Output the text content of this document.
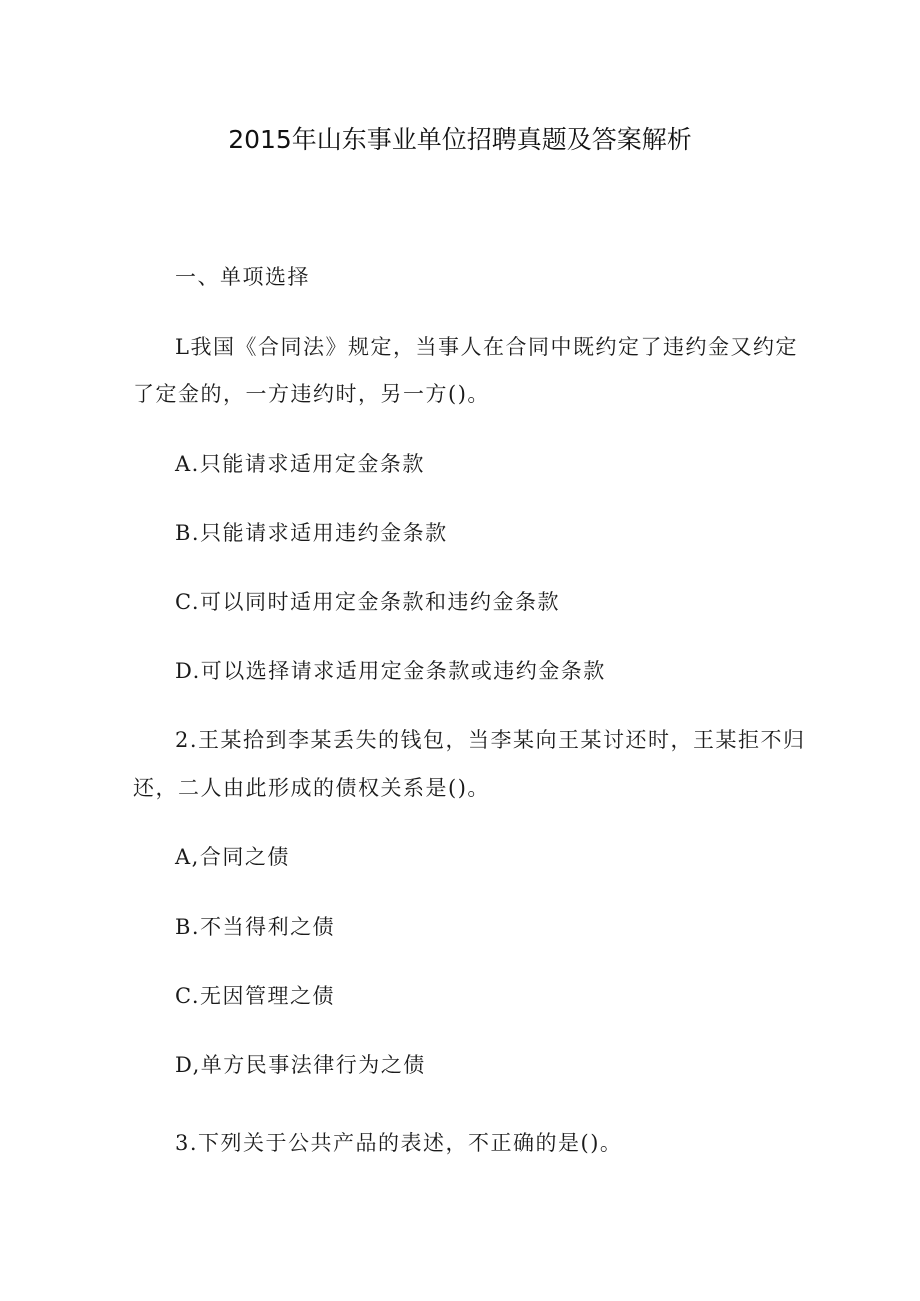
2015年山东事业单位招聘真题及答案解析
一、单项选择
L我国《合同法》规定，当事人在合同中既约定了违约金又约定
了定金的，一方违约时，另一方()。
A.只能请求适用定金条款
B.只能请求适用违约金条款
C.可以同时适用定金条款和违约金条款
D.可以选择请求适用定金条款或违约金条款
2.王某拾到李某丢失的钱包，当李某向王某讨还时，王某拒不归
还，二人由此形成的债权关系是()。
A,合同之债
B.不当得利之债
C.无因管理之债
D,单方民事法律行为之债
3.下列关于公共产品的表述，不正确的是()。
